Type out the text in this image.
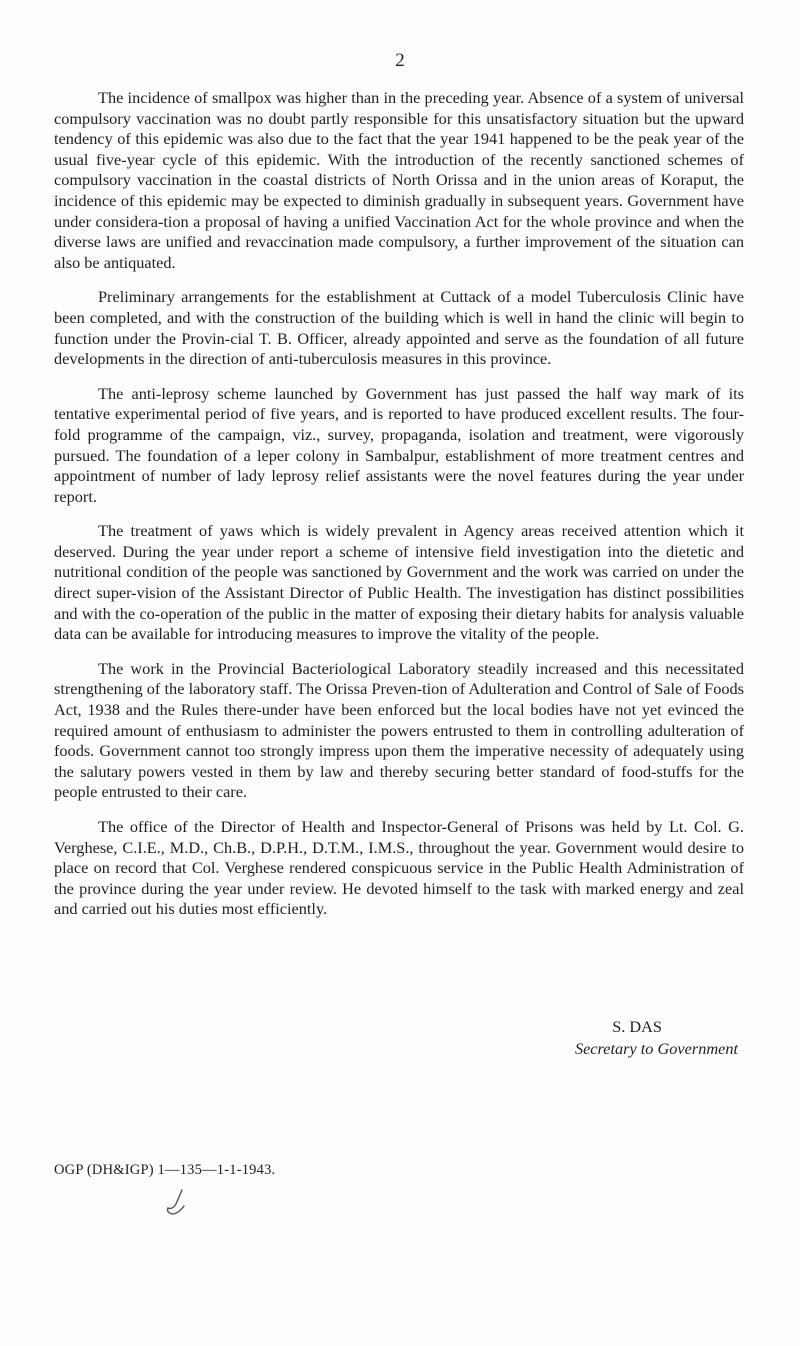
2

The incidence of smallpox was higher than in the preceding year. Absence of a system of universal compulsory vaccination was no doubt partly responsible for this unsatisfactory situation but the upward tendency of this epidemic was also due to the fact that the year 1941 happened to be the peak year of the usual five-year cycle of this epidemic. With the introduction of the recently sanctioned schemes of compulsory vaccination in the coastal districts of North Orissa and in the union areas of Koraput, the incidence of this epidemic may be expected to diminish gradually in subsequent years. Government have under considera-tion a proposal of having a unified Vaccination Act for the whole province and when the diverse laws are unified and revaccination made compulsory, a further improvement of the situation can also be antiquated.

Preliminary arrangements for the establishment at Cuttack of a model Tuberculosis Clinic have been completed, and with the construction of the building which is well in hand the clinic will begin to function under the Provin-cial T. B. Officer, already appointed and serve as the foundation of all future developments in the direction of anti-tuberculosis measures in this province.

The anti-leprosy scheme launched by Government has just passed the half way mark of its tentative experimental period of five years, and is reported to have produced excellent results. The four-fold programme of the campaign, viz., survey, propaganda, isolation and treatment, were vigorously pursued. The foundation of a leper colony in Sambalpur, establishment of more treatment centres and appointment of number of lady leprosy relief assistants were the novel features during the year under report.

The treatment of yaws which is widely prevalent in Agency areas received attention which it deserved. During the year under report a scheme of intensive field investigation into the dietetic and nutritional condition of the people was sanctioned by Government and the work was carried on under the direct super-vision of the Assistant Director of Public Health. The investigation has distinct possibilities and with the co-operation of the public in the matter of exposing their dietary habits for analysis valuable data can be available for introducing measures to improve the vitality of the people.

The work in the Provincial Bacteriological Laboratory steadily increased and this necessitated strengthening of the laboratory staff. The Orissa Preven-tion of Adulteration and Control of Sale of Foods Act, 1938 and the Rules there-under have been enforced but the local bodies have not yet evinced the required amount of enthusiasm to administer the powers entrusted to them in controlling adulteration of foods. Government cannot too strongly impress upon them the imperative necessity of adequately using the salutary powers vested in them by law and thereby securing better standard of food-stuffs for the people entrusted to their care.

The office of the Director of Health and Inspector-General of Prisons was held by Lt. Col. G. Verghese, C.I.E., M.D., Ch.B., D.P.H., D.T.M., I.M.S., throughout the year. Government would desire to place on record that Col. Verghese rendered conspicuous service in the Public Health Administration of the province during the year under review. He devoted himself to the task with marked energy and zeal and carried out his duties most efficiently.

S. DAS
Secretary to Government
OGP (DH&IGP) 1—135—1-1-1943.
